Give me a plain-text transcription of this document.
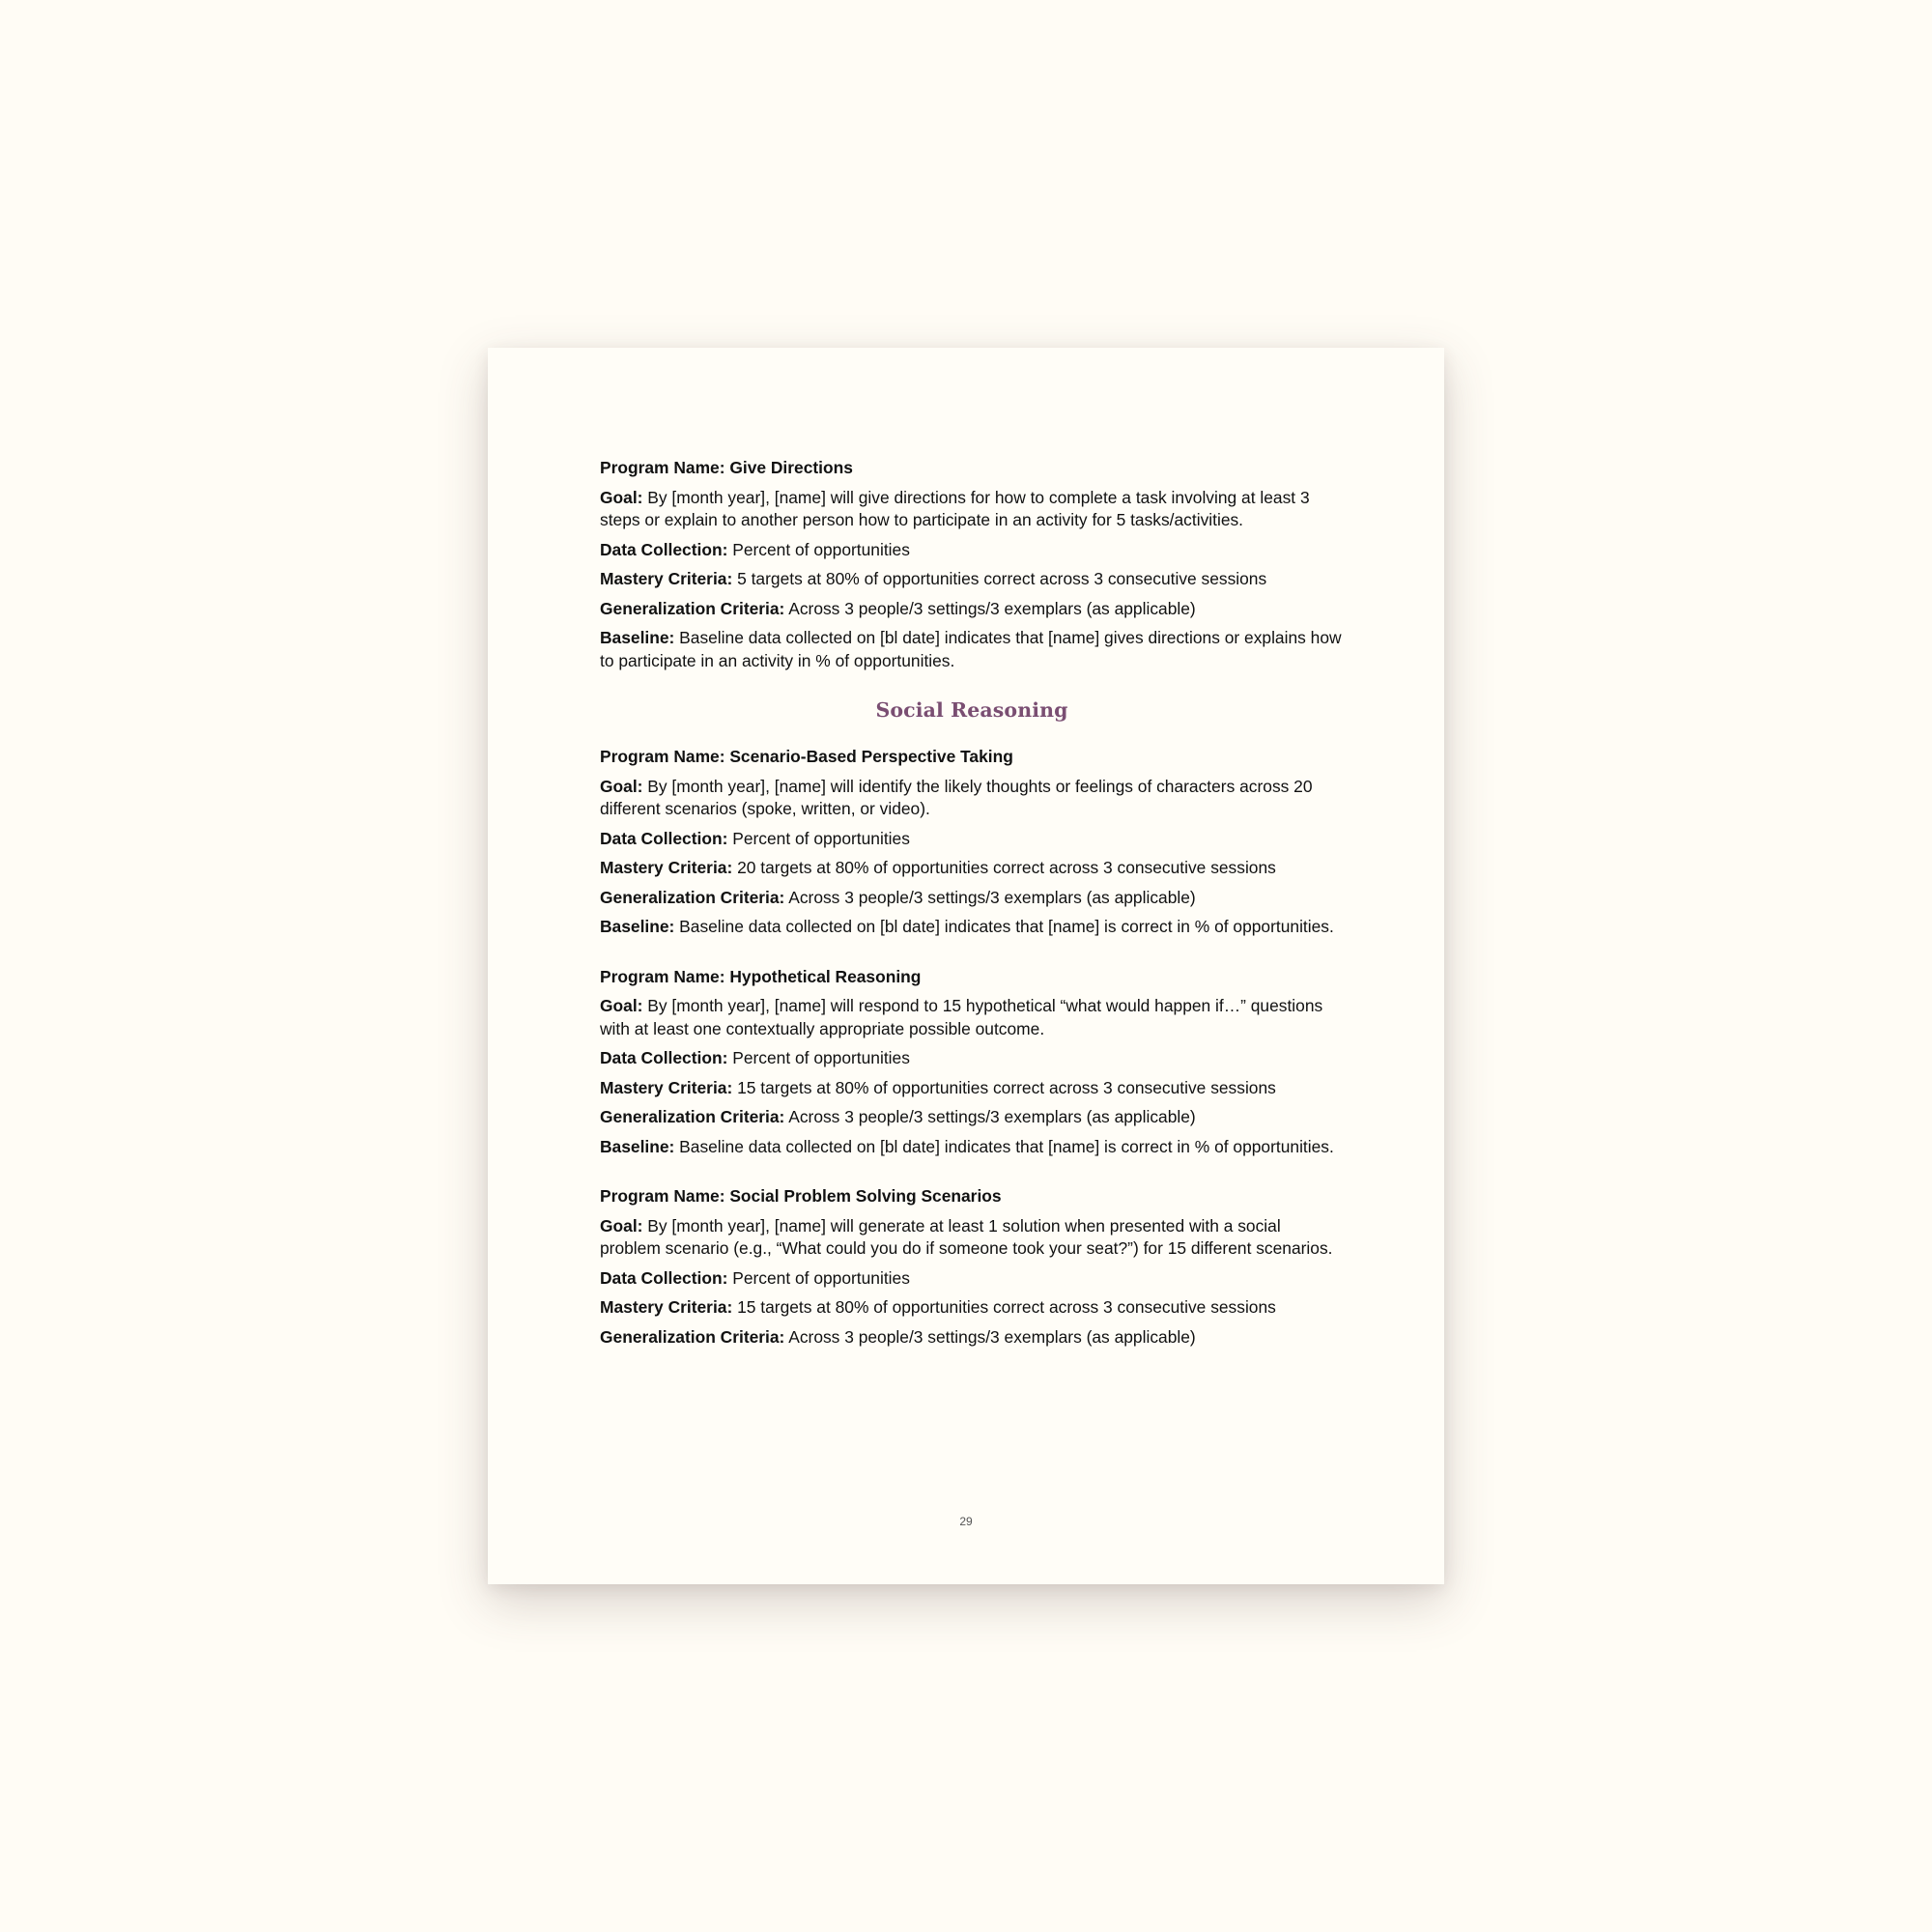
Program Name: Give Directions
Goal: By [month year], [name] will give directions for how to complete a task involving at least 3 steps or explain to another person how to participate in an activity for 5 tasks/activities.
Data Collection: Percent of opportunities
Mastery Criteria: 5 targets at 80% of opportunities correct across 3 consecutive sessions
Generalization Criteria: Across 3 people/3 settings/3 exemplars (as applicable)
Baseline: Baseline data collected on [bl date] indicates that [name] gives directions or explains how to participate in an activity in % of opportunities.
Social Reasoning
Program Name: Scenario-Based Perspective Taking
Goal: By [month year], [name] will identify the likely thoughts or feelings of characters across 20 different scenarios (spoke, written, or video).
Data Collection: Percent of opportunities
Mastery Criteria: 20 targets at 80% of opportunities correct across 3 consecutive sessions
Generalization Criteria: Across 3 people/3 settings/3 exemplars (as applicable)
Baseline: Baseline data collected on [bl date] indicates that [name] is correct in % of opportunities.
Program Name: Hypothetical Reasoning
Goal: By [month year], [name] will respond to 15 hypothetical “what would happen if…” questions with at least one contextually appropriate possible outcome.
Data Collection: Percent of opportunities
Mastery Criteria: 15 targets at 80% of opportunities correct across 3 consecutive sessions
Generalization Criteria: Across 3 people/3 settings/3 exemplars (as applicable)
Baseline: Baseline data collected on [bl date] indicates that [name] is correct in % of opportunities.
Program Name: Social Problem Solving Scenarios
Goal: By [month year], [name] will generate at least 1 solution when presented with a social problem scenario (e.g., “What could you do if someone took your seat?”) for 15 different scenarios.
Data Collection: Percent of opportunities
Mastery Criteria: 15 targets at 80% of opportunities correct across 3 consecutive sessions
Generalization Criteria: Across 3 people/3 settings/3 exemplars (as applicable)
29
